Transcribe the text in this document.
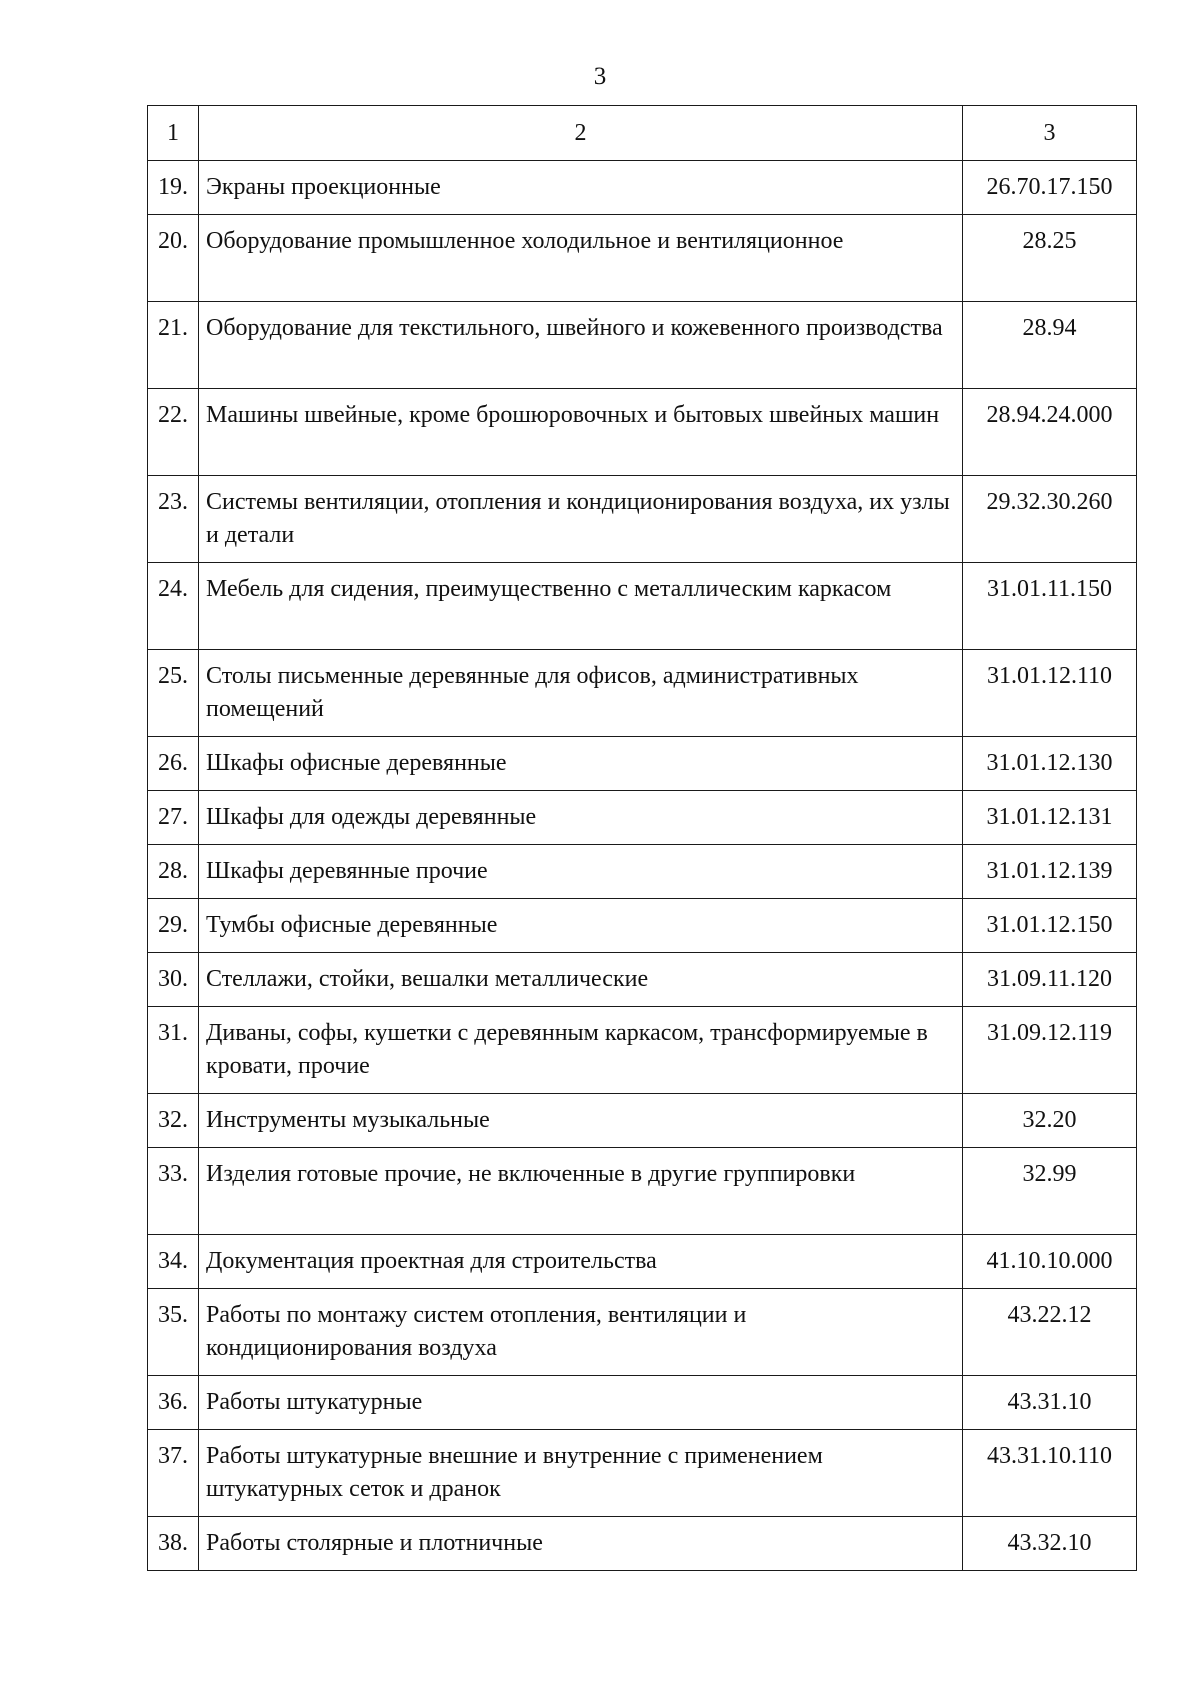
3
1	2	3
19.	Экраны проекционные	26.70.17.150
20.	Оборудование промышленное холодильное и вентиляционное	28.25
21.	Оборудование для текстильного, швейного и кожевенного производства	28.94
22.	Машины швейные, кроме брошюровочных и бытовых швейных машин	28.94.24.000
23.	Системы вентиляции, отопления и кондиционирования воздуха, их узлы и детали	29.32.30.260
24.	Мебель для сидения, преимущественно с металлическим каркасом	31.01.11.150
25.	Столы письменные деревянные для офисов, административных помещений	31.01.12.110
26.	Шкафы офисные деревянные	31.01.12.130
27.	Шкафы для одежды деревянные	31.01.12.131
28.	Шкафы деревянные прочие	31.01.12.139
29.	Тумбы офисные деревянные	31.01.12.150
30.	Стеллажи, стойки, вешалки металлические	31.09.11.120
31.	Диваны, софы, кушетки с деревянным каркасом, трансформируемые в кровати, прочие	31.09.12.119
32.	Инструменты музыкальные	32.20
33.	Изделия готовые прочие, не включенные в другие группировки	32.99
34.	Документация проектная для строительства	41.10.10.000
35.	Работы по монтажу систем отопления, вентиляции и кондиционирования воздуха	43.22.12
36.	Работы штукатурные	43.31.10
37.	Работы штукатурные внешние и внутренние с применением штукатурных сеток и дранок	43.31.10.110
38.	Работы столярные и плотничные	43.32.10
